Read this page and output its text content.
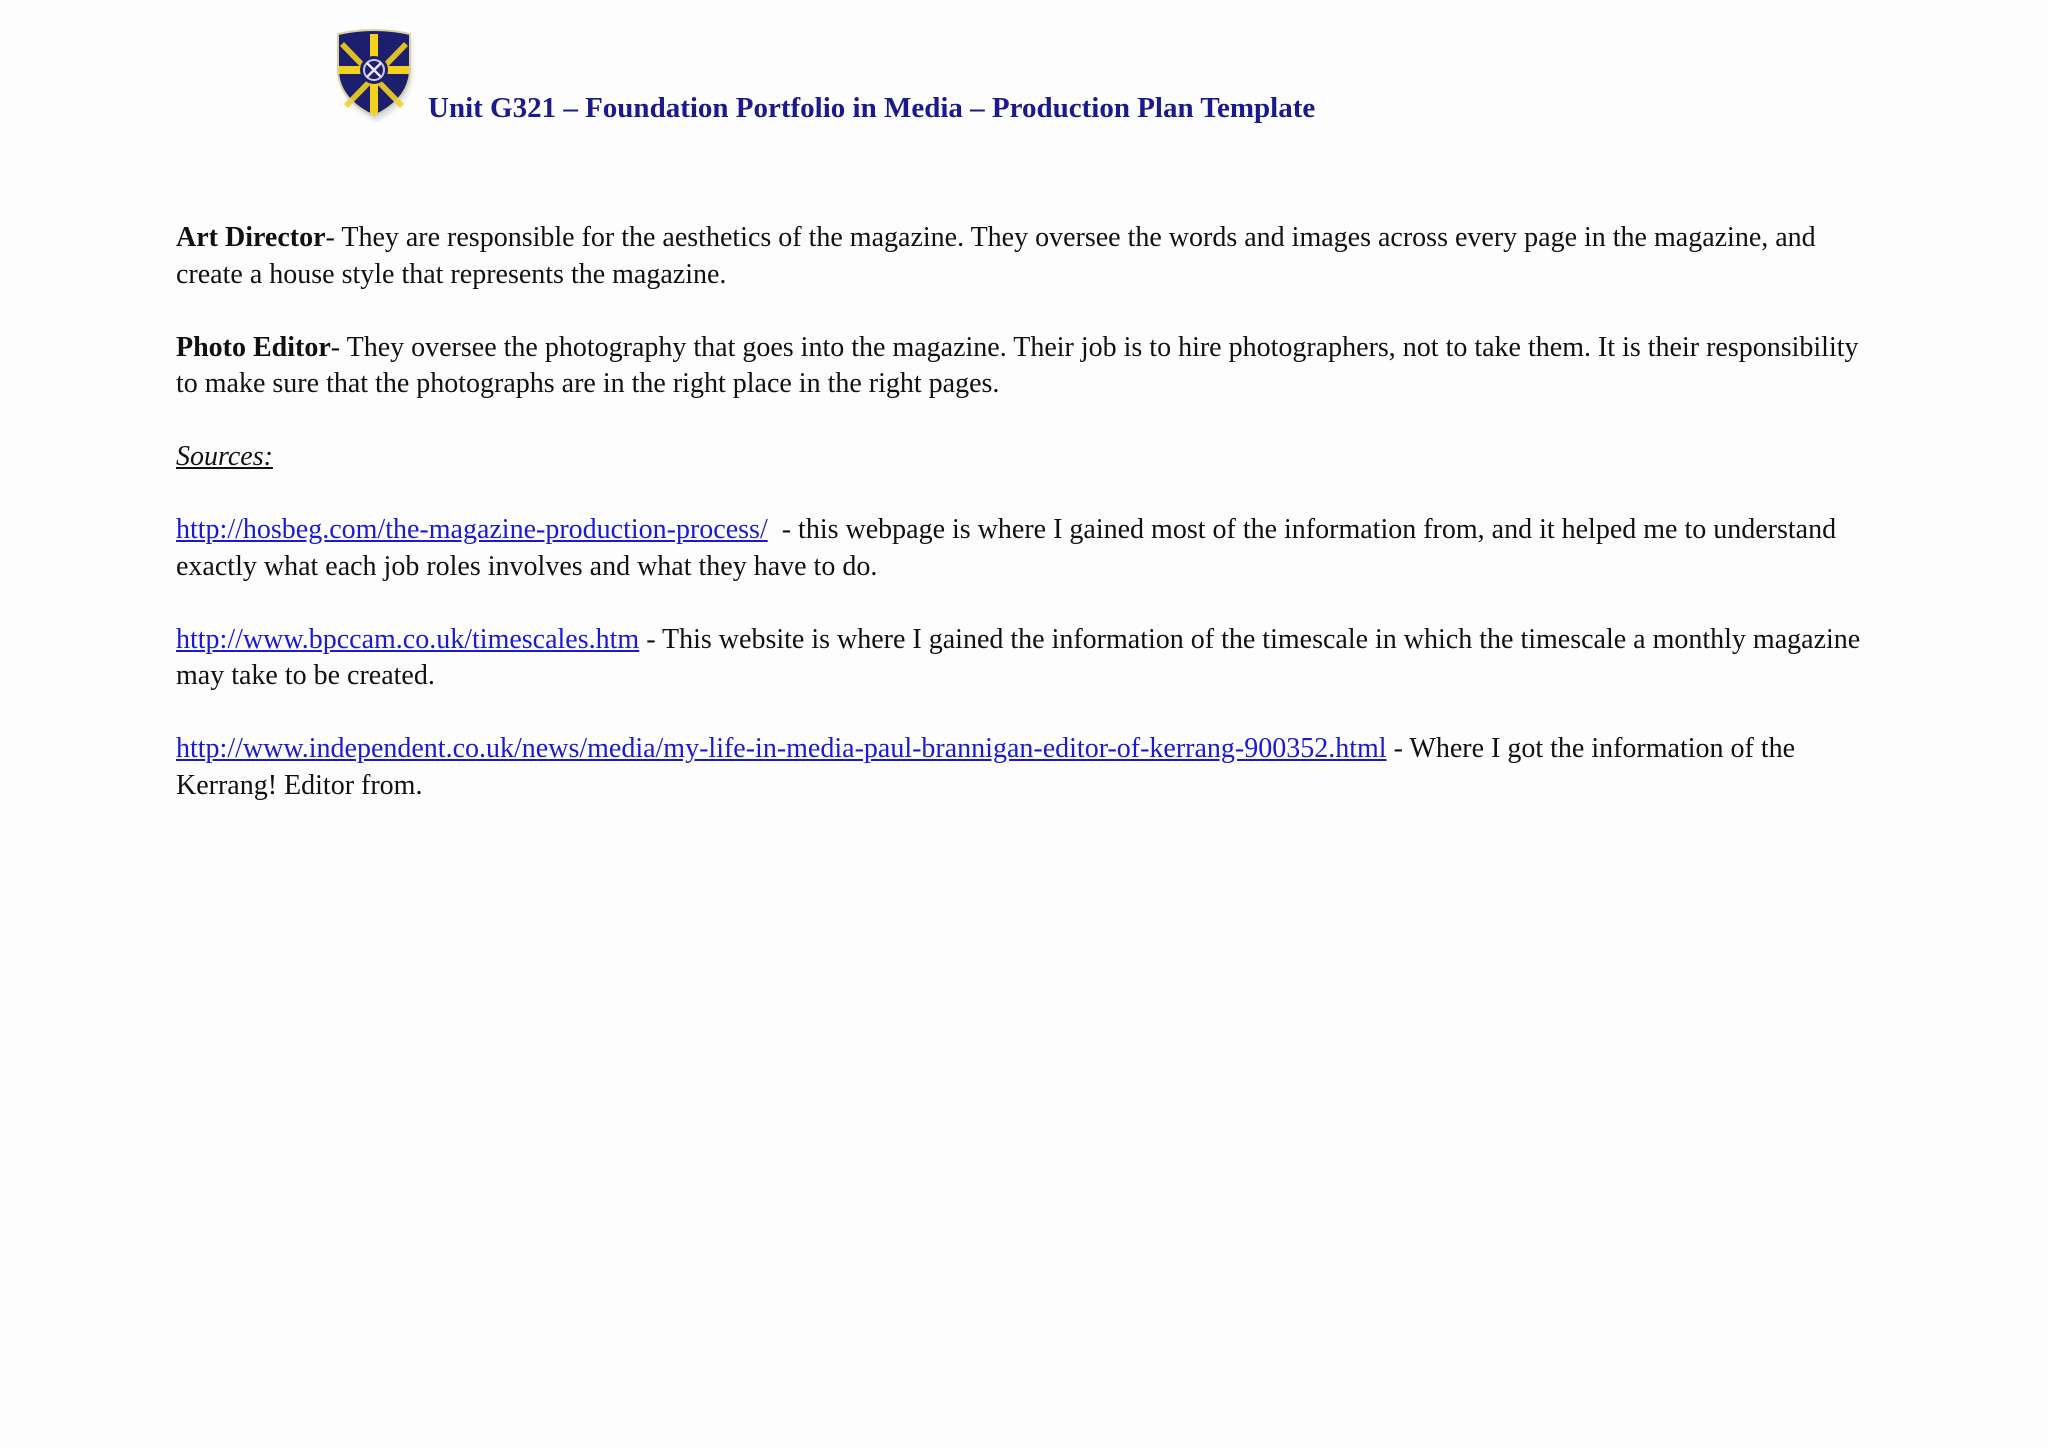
Unit G321 – Foundation Portfolio in Media – Production Plan Template

Art Director- They are responsible for the aesthetics of the magazine. They oversee the words and images across every page in the magazine, and create a house style that represents the magazine.

Photo Editor- They oversee the photography that goes into the magazine. Their job is to hire photographers, not to take them. It is their responsibility to make sure that the photographs are in the right place in the right pages.

Sources:

http://hosbeg.com/the-magazine-production-process/  - this webpage is where I gained most of the information from, and it helped me to understand exactly what each job roles involves and what they have to do.

http://www.bpccam.co.uk/timescales.htm - This website is where I gained the information of the timescale in which the timescale a monthly magazine may take to be created.

http://www.independent.co.uk/news/media/my-life-in-media-paul-brannigan-editor-of-kerrang-900352.html - Where I got the information of the Kerrang! Editor from.
